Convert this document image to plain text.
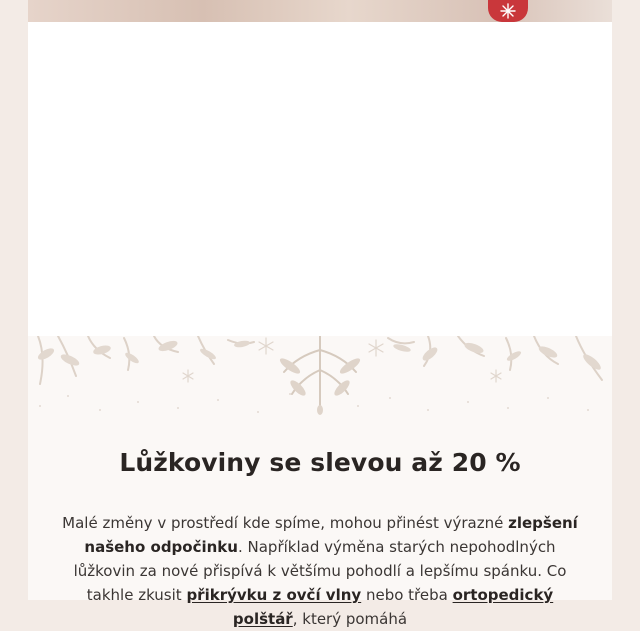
Lůžkoviny se slevou až 20 %

Malé změny v prostředí kde spíme, mohou přinést výrazné zlepšení našeho odpočinku. Například výměna starých nepohodlných lůžkovin za nové přispívá k většímu pohodlí a lepšímu spánku. Co takhle zkusit přikrývku z ovčí vlny nebo třeba ortopedický polštář, který pomáhá
